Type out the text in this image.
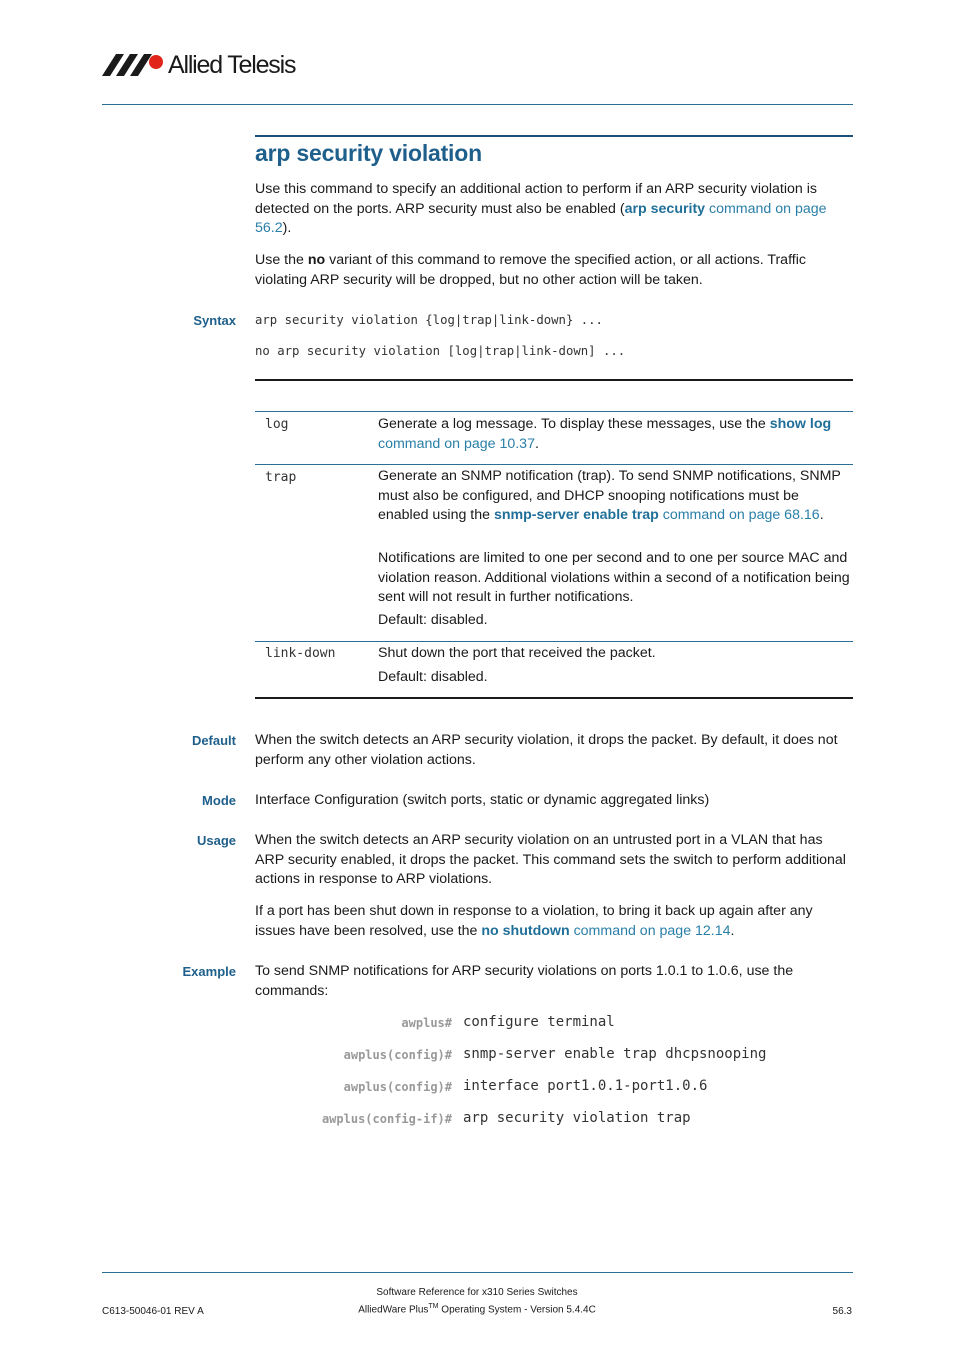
Allied Telesis
arp security violation

Use this command to specify an additional action to perform if an ARP security violation is detected on the ports. ARP security must also be enabled (arp security command on page 56.2).

Use the no variant of this command to remove the specified action, or all actions. Traffic violating ARP security will be dropped, but no other action will be taken.

Syntax arp security violation {log|trap|link-down} ...
no arp security violation [log|trap|link-down] ...
log	Generate a log message. To display these messages, use the show log command on page 10.37.
trap	Generate an SNMP notification (trap). To send SNMP notifications, SNMP must also be configured, and DHCP snooping notifications must be enabled using the snmp-server enable trap command on page 68.16.
Notifications are limited to one per second and to one per source MAC and violation reason. Additional violations within a second of a notification being sent will not result in further notifications.
Default: disabled.
link-down	Shut down the port that received the packet.
Default: disabled.
Default When the switch detects an ARP security violation, it drops the packet. By default, it does not perform any other violation actions.

Mode Interface Configuration (switch ports, static or dynamic aggregated links)

Usage When the switch detects an ARP security violation on an untrusted port in a VLAN that has ARP security enabled, it drops the packet. This command sets the switch to perform additional actions in response to ARP violations.

If a port has been shut down in response to a violation, to bring it back up again after any issues have been resolved, use the no shutdown command on page 12.14.

Example To send SNMP notifications for ARP security violations on ports 1.0.1 to 1.0.6, use the commands:

awplus# configure terminal
awplus(config)# snmp-server enable trap dhcpsnooping
awplus(config)# interface port1.0.1-port1.0.6
awplus(config-if)# arp security violation trap
C613-50046-01 REV A
Software Reference for x310 Series Switches
AlliedWare Plus™ Operating System - Version 5.4.4C	56.3
